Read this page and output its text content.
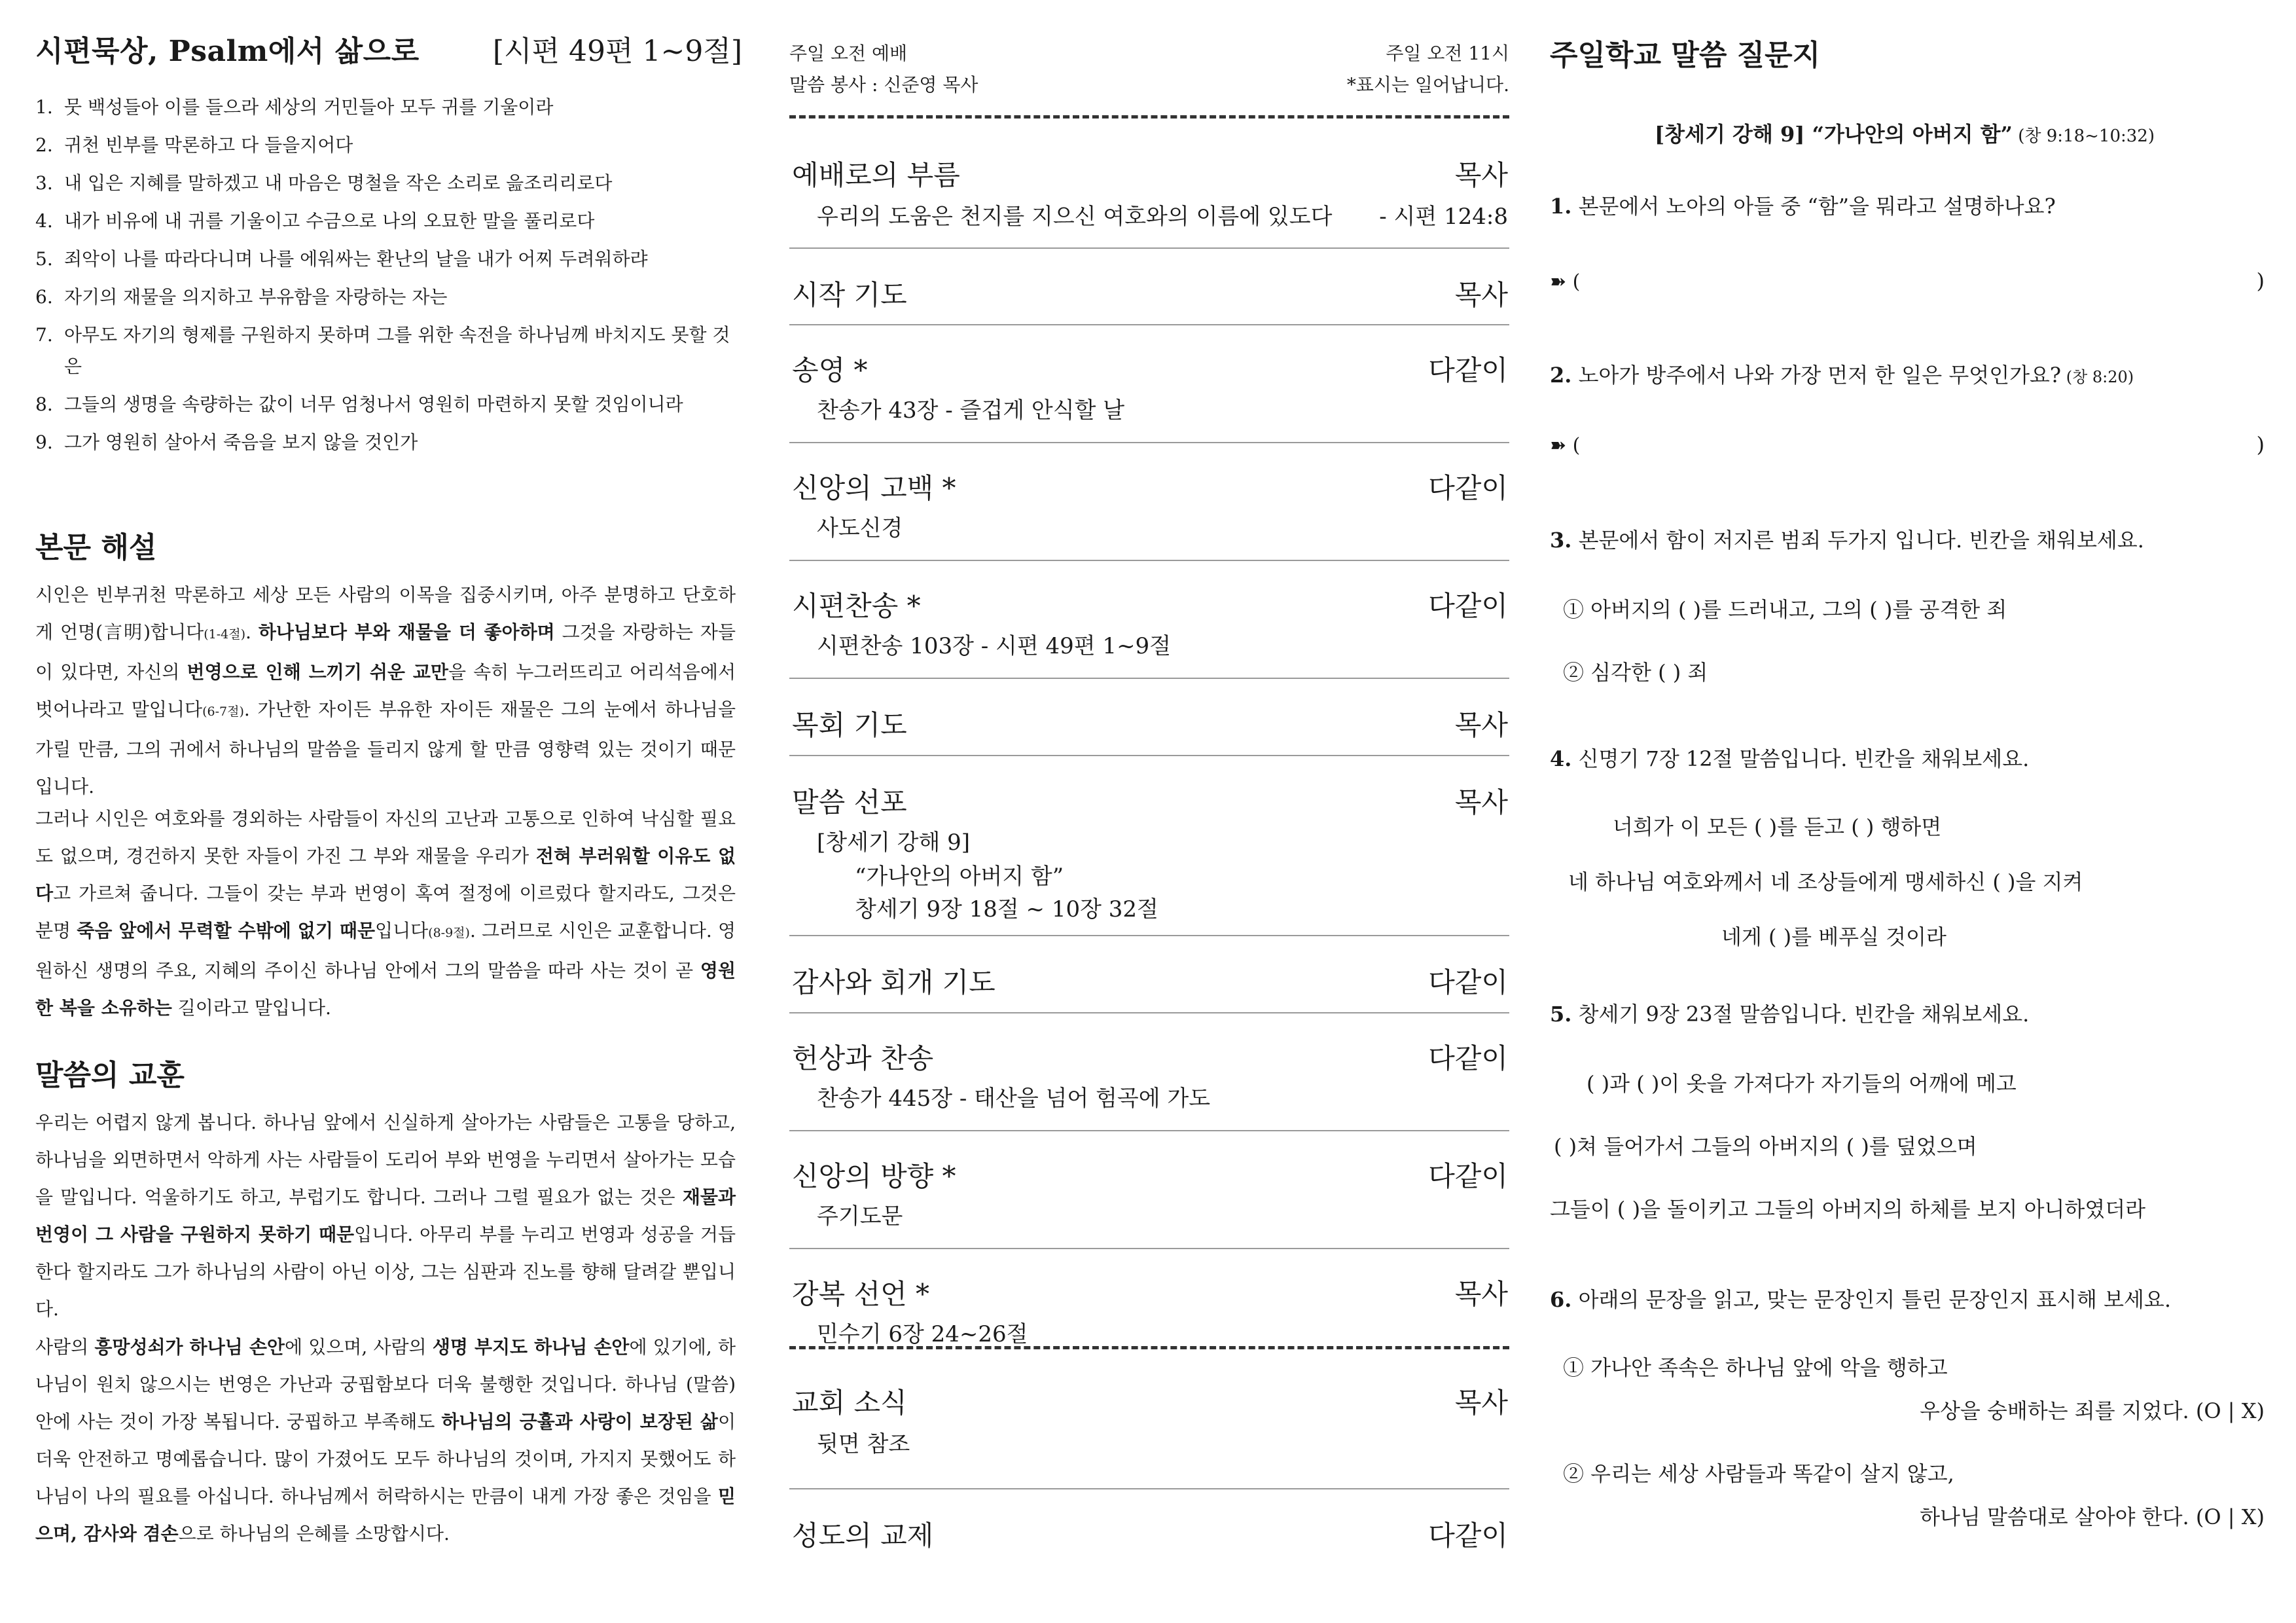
시편묵상, Psalm에서 삶으로	[시편 49편 1~9절]
1. 뭇 백성들아 이를 들으라 세상의 거민들아 모두 귀를 기울이라
2. 귀천 빈부를 막론하고 다 들을지어다
3. 내 입은 지혜를 말하겠고 내 마음은 명철을 작은 소리로 읊조리리로다
4. 내가 비유에 내 귀를 기울이고 수금으로 나의 오묘한 말을 풀리로다
5. 죄악이 나를 따라다니며 나를 에워싸는 환난의 날을 내가 어찌 두려워하랴
6. 자기의 재물을 의지하고 부유함을 자랑하는 자는
7. 아무도 자기의 형제를 구원하지 못하며 그를 위한 속전을 하나님께 바치지도 못할 것은
8. 그들의 생명을 속량하는 값이 너무 엄청나서 영원히 마련하지 못할 것임이니라
9. 그가 영원히 살아서 죽음을 보지 않을 것인가
본문 해설

시인은 빈부귀천 막론하고 세상 모든 사람의 이목을 집중시키며, 아주 분명하고 단호하게 언명(言明)합니다(1-4절). 하나님보다 부와 재물을 더 좋아하며 그것을 자랑하는 자들이 있다면, 자신의 번영으로 인해 느끼기 쉬운 교만을 속히 누그러뜨리고 어리석음에서 벗어나라고 말입니다(6-7절). 가난한 자이든 부유한 자이든 재물은 그의 눈에서 하나님을 가릴 만큼, 그의 귀에서 하나님의 말씀을 들리지 않게 할 만큼 영향력 있는 것이기 때문입니다.

그러나 시인은 여호와를 경외하는 사람들이 자신의 고난과 고통으로 인하여 낙심할 필요도 없으며, 경건하지 못한 자들이 가진 그 부와 재물을 우리가 전혀 부러워할 이유도 없다고 가르쳐 줍니다. 그들이 갖는 부과 번영이 혹여 절정에 이르렀다 할지라도, 그것은 분명 죽음 앞에서 무력할 수밖에 없기 때문입니다(8-9절). 그러므로 시인은 교훈합니다. 영원하신 생명의 주요, 지혜의 주이신 하나님 안에서 그의 말씀을 따라 사는 것이 곧 영원한 복을 소유하는 길이라고 말입니다.

말씀의 교훈

우리는 어렵지 않게 봅니다. 하나님 앞에서 신실하게 살아가는 사람들은 고통을 당하고, 하나님을 외면하면서 악하게 사는 사람들이 도리어 부와 번영을 누리면서 살아가는 모습을 말입니다. 억울하기도 하고, 부럽기도 합니다. 그러나 그럴 필요가 없는 것은 재물과 번영이 그 사람을 구원하지 못하기 때문입니다. 아무리 부를 누리고 번영과 성공을 거듭한다 할지라도 그가 하나님의 사람이 아닌 이상, 그는 심판과 진노를 향해 달려갈 뿐입니다.

사람의 흥망성쇠가 하나님 손안에 있으며, 사람의 생명 부지도 하나님 손안에 있기에, 하나님이 원치 않으시는 번영은 가난과 궁핍함보다 더욱 불행한 것입니다. 하나님 (말씀) 안에 사는 것이 가장 복됩니다. 궁핍하고 부족해도 하나님의 긍휼과 사랑이 보장된 삶이 더욱 안전하고 명예롭습니다. 많이 가졌어도 모두 하나님의 것이며, 가지지 못했어도 하나님이 나의 필요를 아십니다. 하나님께서 허락하시는 만큼이 내게 가장 좋은 것임을 믿으며, 감사와 겸손으로 하나님의 은혜를 소망합시다.

주일 오전 예배	주일 오전 11시
말씀 봉사 : 신준영 목사	*표시는 일어납니다.
예배로의 부름	목사
우리의 도움은 천지를 지으신 여호와의 이름에 있도다 - 시편 124:8
시작 기도	목사
송영 *	다같이
찬송가 43장 - 즐겁게 안식할 날
신앙의 고백 *	다같이
사도신경
시편찬송 *	다같이
시편찬송 103장 - 시편 49편 1~9절
목회 기도	목사
말씀 선포	목사
[창세기 강해 9]
“가나안의 아버지 함”
창세기 9장 18절 ~ 10장 32절
감사와 회개 기도	다같이
헌상과 찬송	다같이
찬송가 445장 - 태산을 넘어 험곡에 가도
신앙의 방향 *	다같이
주기도문
강복 선언 *	목사
민수기 6장 24~26절
교회 소식	목사
뒷면 참조
성도의 교제	다같이
주일학교 말씀 질문지
[창세기 강해 9] “가나안의 아버지 함” (창 9:18~10:32)
1. 본문에서 노아의 아들 중 “함”을 뭐라고 설명하나요?
➽ (	)
2. 노아가 방주에서 나와 가장 먼저 한 일은 무엇인가요? (창 8:20)
➽ (	)
3. 본문에서 함이 저지른 범죄 두가지 입니다. 빈칸을 채워보세요.
① 아버지의 ( )를 드러내고, 그의 ( )를 공격한 죄
② 심각한 ( ) 죄
4. 신명기 7장 12절 말씀입니다. 빈칸을 채워보세요.
너희가 이 모든 ( )를 듣고 ( ) 행하면
네 하나님 여호와께서 네 조상들에게 맹세하신 ( )을 지켜
네게 ( )를 베푸실 것이라
5. 창세기 9장 23절 말씀입니다. 빈칸을 채워보세요.
( )과 ( )이 옷을 가져다가 자기들의 어깨에 메고
( )쳐 들어가서 그들의 아버지의 ( )를 덮었으며
그들이 ( )을 돌이키고 그들의 아버지의 하체를 보지 아니하였더라
6. 아래의 문장을 읽고, 맞는 문장인지 틀린 문장인지 표시해 보세요.
① 가나안 족속은 하나님 앞에 악을 행하고
우상을 숭배하는 죄를 지었다. (O | X)
② 우리는 세상 사람들과 똑같이 살지 않고,
하나님 말씀대로 살아야 한다. (O | X)
